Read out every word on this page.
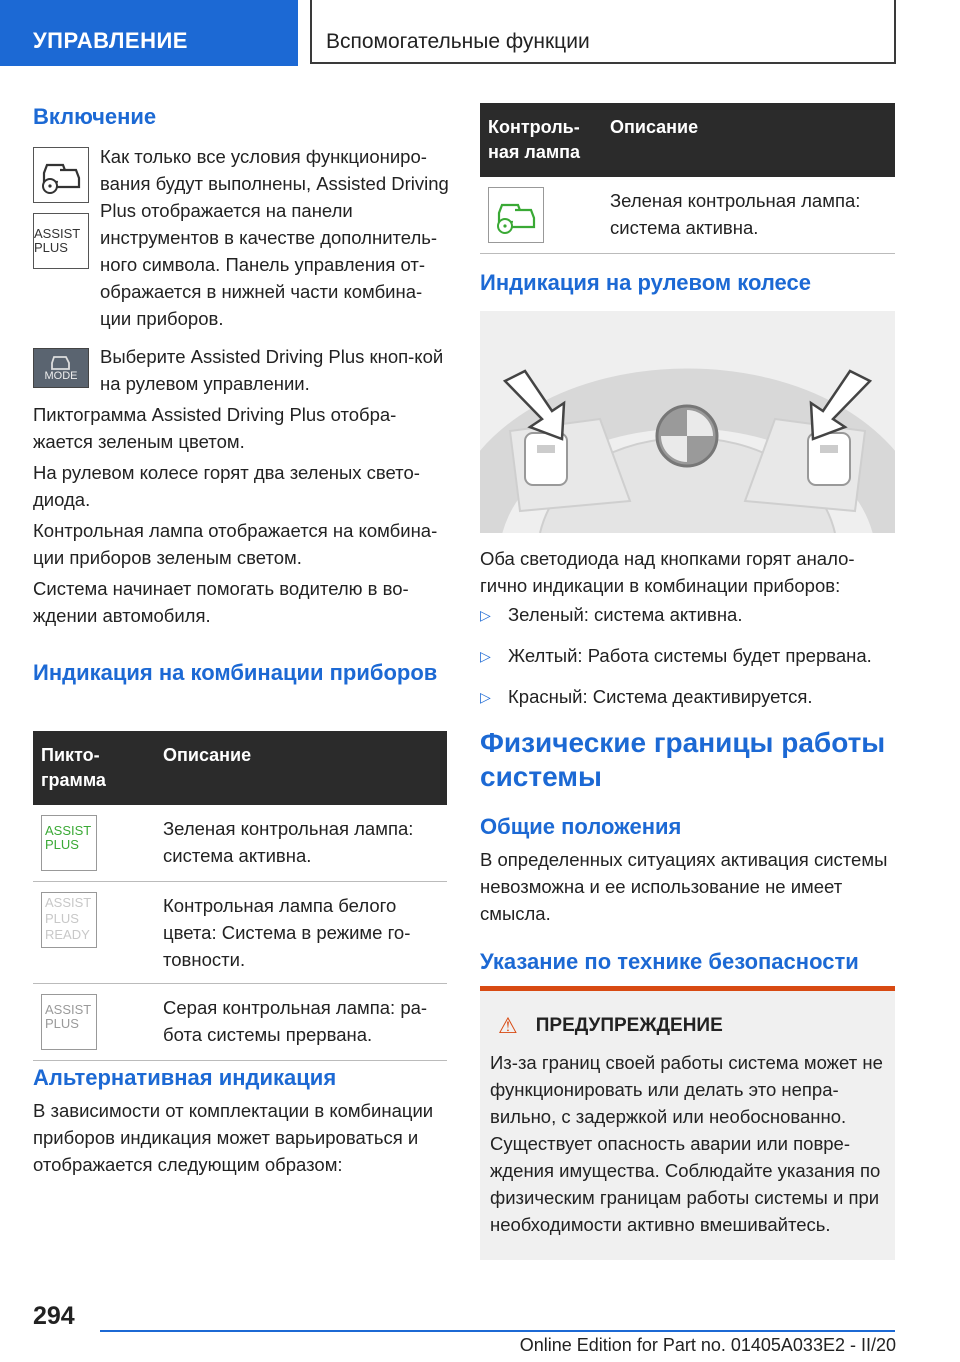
УПРАВЛЕНИЕ	Вспомогательные функции
Включение
ASSIST PLUS

Как только все условия функциониро-вания будут выполнены, Assisted Driving Plus отображается на панели инструментов в качестве дополнитель-ного символа. Панель управления от-ображается в нижней части комбина-ции приборов.

MODE

Выберите Assisted Driving Plus кноп-кой на рулевом управлении.

Пиктограмма Assisted Driving Plus отобра-жается зеленым цветом.

На рулевом колесе горят два зеленых свето-диода.

Контрольная лампа отображается на комбина-ции приборов зеленым светом.

Система начинает помогать водителю в во-ждении автомобиля.

Индикация на комбинации приборов
Пикто-грамма	Описание

ASSIST PLUS	Зеленая контрольная лампа: система активна.

ASSIST PLUS READY	Контрольная лампа белого цвета: Система в режиме го-товности.

ASSIST PLUS	Серая контрольная лампа: ра-бота системы прервана.
Альтернативная индикация

В зависимости от комплектации в комбинации приборов индикация может варьироваться и отображается следующим образом:

Контроль-ная лампа	Описание

	Зеленая контрольная лампа: система активна.
Индикация на рулевом колесе

Оба светодиода над кнопками горят анало-гично индикации в комбинации приборов:

▷ Зеленый: система активна.
▷ Желтый: Работа системы будет прервана.
▷ Красный: Система деактивируется.
Физические границы работы системы
Общие положения

В определенных ситуациях активация системы невозможна и ее использование не имеет смысла.

Указание по технике безопасности
⚠ ПРЕДУПРЕЖДЕНИЕ

Из-за границ своей работы система может не функционировать или делать это непра-вильно, с задержкой или необоснованно. Существует опасность аварии или повре-ждения имущества. Соблюдайте указания по физическим границам работы системы и при необходимости активно вмешивайтесь.

294
Online Edition for Part no. 01405A033E2 - II/20
